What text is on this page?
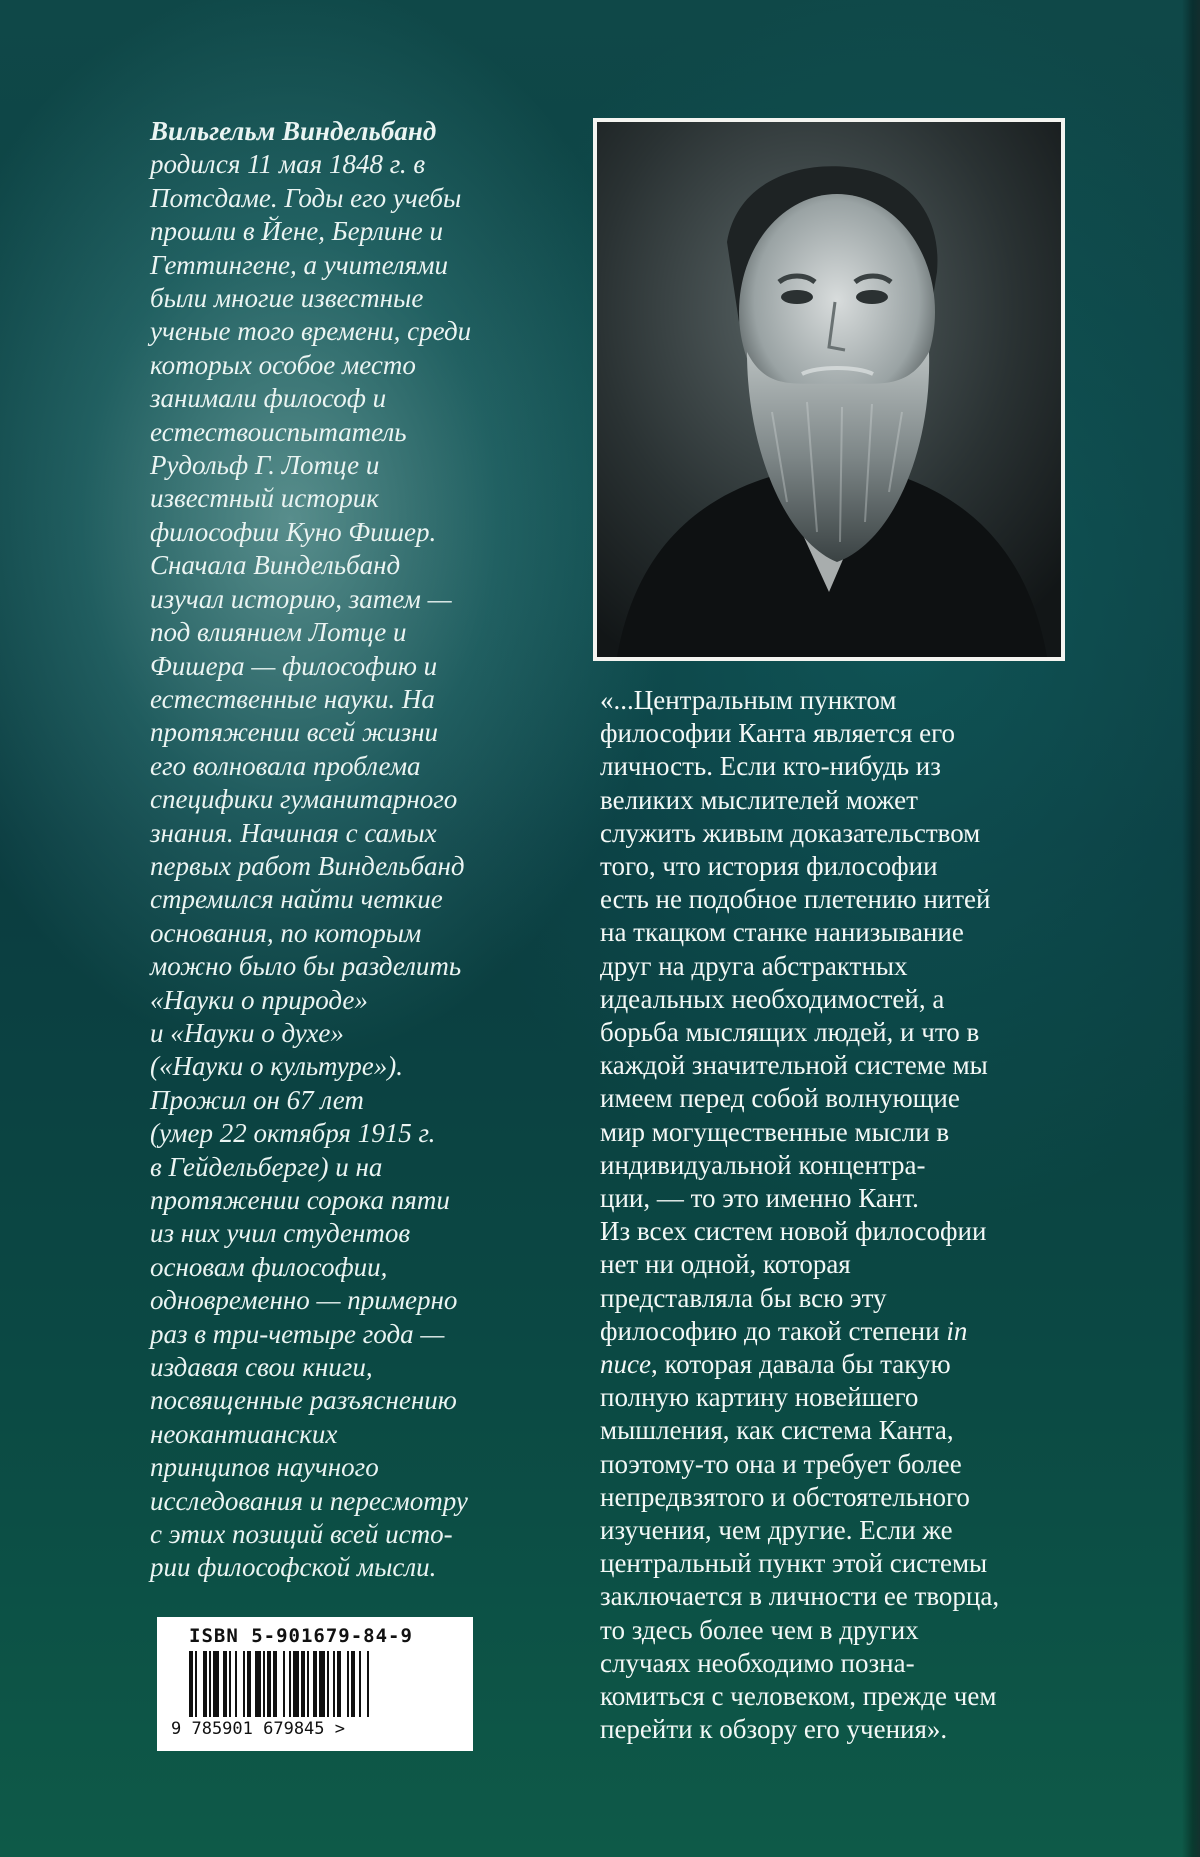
Вильгельм Виндельбанд
родился 11 мая 1848 г. в
Потсдаме. Годы его учебы
прошли в Йене, Берлине и
Геттингене, а учителями
были многие известные
ученые того времени, среди
которых особое место
занимали философ и
естествоиспытатель
Рудольф Г. Лотце и
известный историк
философии Куно Фишер.
Сначала Виндельбанд
изучал историю, затем —
под влиянием Лотце и
Фишера — философию и
естественные науки. На
протяжении всей жизни
его волновала проблема
специфики гуманитарного
знания. Начиная с самых
первых работ Виндельбанд
стремился найти четкие
основания, по которым
можно было бы разделить
«Науки о природе»
и «Науки о духе»
(«Науки о культуре»).
Прожил он 67 лет
(умер 22 октября 1915 г.
в Гейдельберге) и на
протяжении сорока пяти
из них учил студентов
основам философии,
одновременно — примерно
раз в три-четыре года —
издавая свои книги,
посвященные разъяснению
неокантианских
принципов научного
исследования и пересмотру
с этих позиций всей исто-
рии философской мысли.

«...Центральным пунктом
философии Канта является его
личность. Если кто-нибудь из
великих мыслителей может
служить живым доказательством
того, что история философии
есть не подобное плетению нитей
на ткацком станке нанизывание
друг на друга абстрактных
идеальных необходимостей, а
борьба мыслящих людей, и что в
каждой значительной системе мы
имеем перед собой волнующие
мир могущественные мысли в
индивидуальной концентра-
ции, — то это именно Кант.
Из всех систем новой философии
нет ни одной, которая
представляла бы всю эту
философию до такой степени in
nuce, которая давала бы такую
полную картину новейшего
мышления, как система Канта,
поэтому-то она и требует более
непредвзятого и обстоятельного
изучения, чем другие. Если же
центральный пункт этой системы
заключается в личности ее творца,
то здесь более чем в других
случаях необходимо позна-
комиться с человеком, прежде чем
перейти к обзору его учения».

ISBN 5-901679-84-9
9 785901 679845 >
